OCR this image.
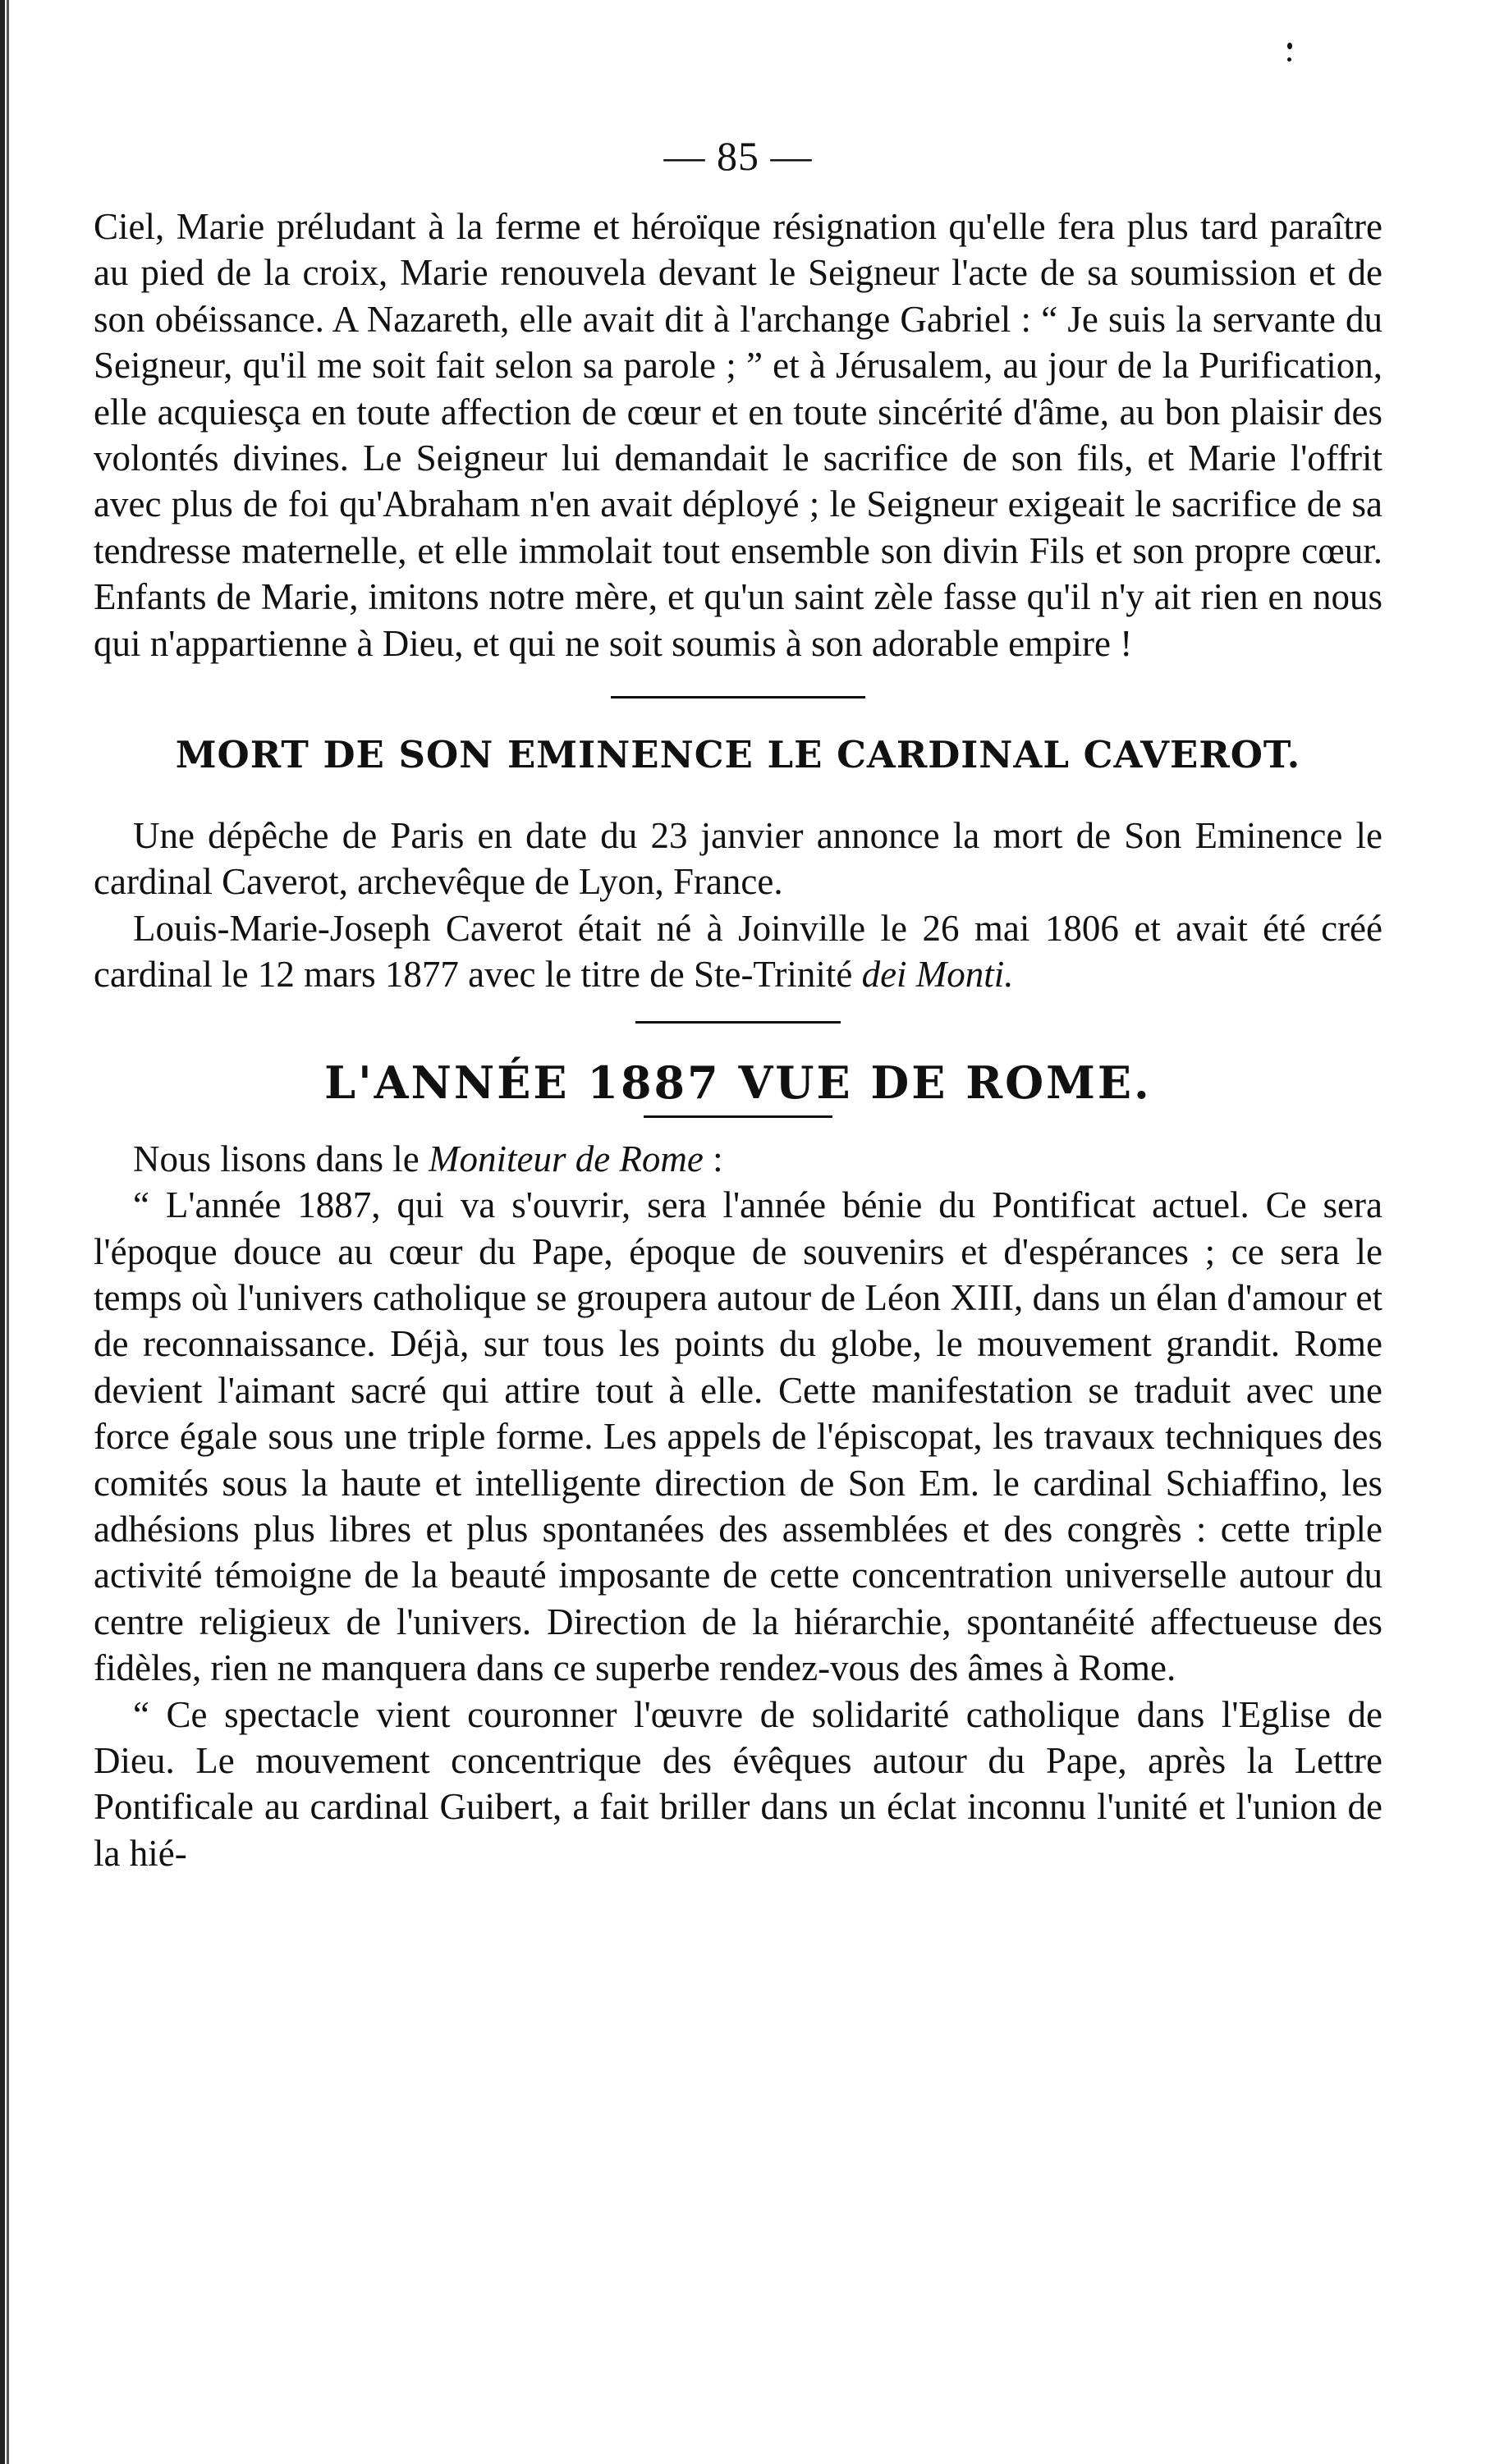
— 85 —

Ciel, Marie préludant à la ferme et héroïque résignation qu'elle fera plus tard paraître au pied de la croix, Marie renouvela devant le Seigneur l'acte de sa soumission et de son obéissance. A Nazareth, elle avait dit à l'archange Gabriel : “ Je suis la servante du Seigneur, qu'il me soit fait selon sa parole ; ” et à Jérusalem, au jour de la Purification, elle acquiesça en toute affection de cœur et en toute sincérité d'âme, au bon plaisir des volontés divines. Le Seigneur lui demandait le sacrifice de son fils, et Marie l'offrit avec plus de foi qu'Abraham n'en avait déployé ; le Seigneur exigeait le sacrifice de sa tendresse maternelle, et elle immolait tout ensemble son divin Fils et son propre cœur. Enfants de Marie, imitons notre mère, et qu'un saint zèle fasse qu'il n'y ait rien en nous qui n'appartienne à Dieu, et qui ne soit soumis à son adorable empire !

MORT DE SON EMINENCE LE CARDINAL CAVEROT.

Une dépêche de Paris en date du 23 janvier annonce la mort de Son Eminence le cardinal Caverot, archevêque de Lyon, France.

Louis-Marie-Joseph Caverot était né à Joinville le 26 mai 1806 et avait été créé cardinal le 12 mars 1877 avec le titre de Ste-Trinité dei Monti.

L'ANNÉE 1887 VUE DE ROME.

Nous lisons dans le Moniteur de Rome :

“ L'année 1887, qui va s'ouvrir, sera l'année bénie du Pontificat actuel. Ce sera l'époque douce au cœur du Pape, époque de souvenirs et d'espérances ; ce sera le temps où l'univers catholique se groupera autour de Léon XIII, dans un élan d'amour et de reconnaissance. Déjà, sur tous les points du globe, le mouvement grandit. Rome devient l'aimant sacré qui attire tout à elle. Cette manifestation se traduit avec une force égale sous une triple forme. Les appels de l'épiscopat, les travaux techniques des comités sous la haute et intelligente direction de Son Em. le cardinal Schiaffino, les adhésions plus libres et plus spontanées des assemblées et des congrès : cette triple activité témoigne de la beauté imposante de cette concentration universelle autour du centre religieux de l'univers. Direction de la hiérarchie, spontanéité affectueuse des fidèles, rien ne manquera dans ce superbe rendez-vous des âmes à Rome.

“ Ce spectacle vient couronner l'œuvre de solidarité catholique dans l'Eglise de Dieu. Le mouvement concentrique des évêques autour du Pape, après la Lettre Pontificale au cardinal Guibert, a fait briller dans un éclat inconnu l'unité et l'union de la hié-
